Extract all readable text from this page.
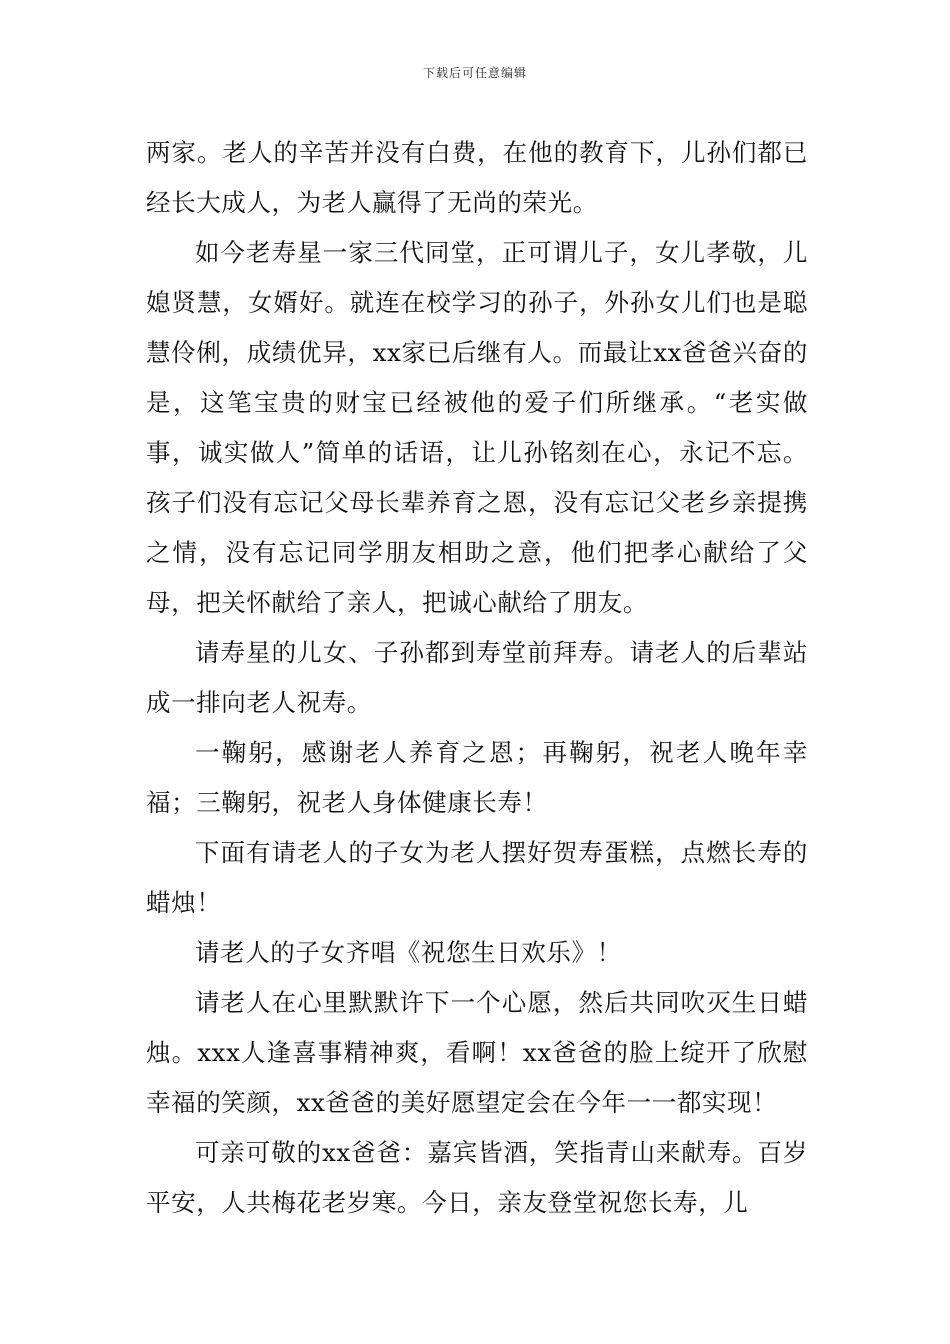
下载后可任意编辑

两家。老人的辛苦并没有白费，在他的教育下，儿孙们都已经长大成人，为老人赢得了无尚的荣光。

如今老寿星一家三代同堂，正可谓儿子，女儿孝敬，儿媳贤慧，女婿好。就连在校学习的孙子，外孙女儿们也是聪慧伶俐，成绩优异，xx家已后继有人。而最让xx爸爸兴奋的是，这笔宝贵的财宝已经被他的爱子们所继承。“老实做事，诚实做人”简单的话语，让儿孙铭刻在心，永记不忘。孩子们没有忘记父母长辈养育之恩，没有忘记父老乡亲提携之情，没有忘记同学朋友相助之意，他们把孝心献给了父母，把关怀献给了亲人，把诚心献给了朋友。

请寿星的儿女、子孙都到寿堂前拜寿。请老人的后辈站成一排向老人祝寿。

一鞠躬，感谢老人养育之恩；再鞠躬，祝老人晚年幸福；三鞠躬，祝老人身体健康长寿！

下面有请老人的子女为老人摆好贺寿蛋糕，点燃长寿的蜡烛！

请老人的子女齐唱《祝您生日欢乐》！

请老人在心里默默许下一个心愿，然后共同吹灭生日蜡烛。xxx人逢喜事精神爽，看啊！xx爸爸的脸上绽开了欣慰幸福的笑颜，xx爸爸的美好愿望定会在今年一一都实现！

可亲可敬的xx爸爸：嘉宾皆酒，笑指青山来献寿。百岁平安，人共梅花老岁寒。今日，亲友登堂祝您长寿，儿
